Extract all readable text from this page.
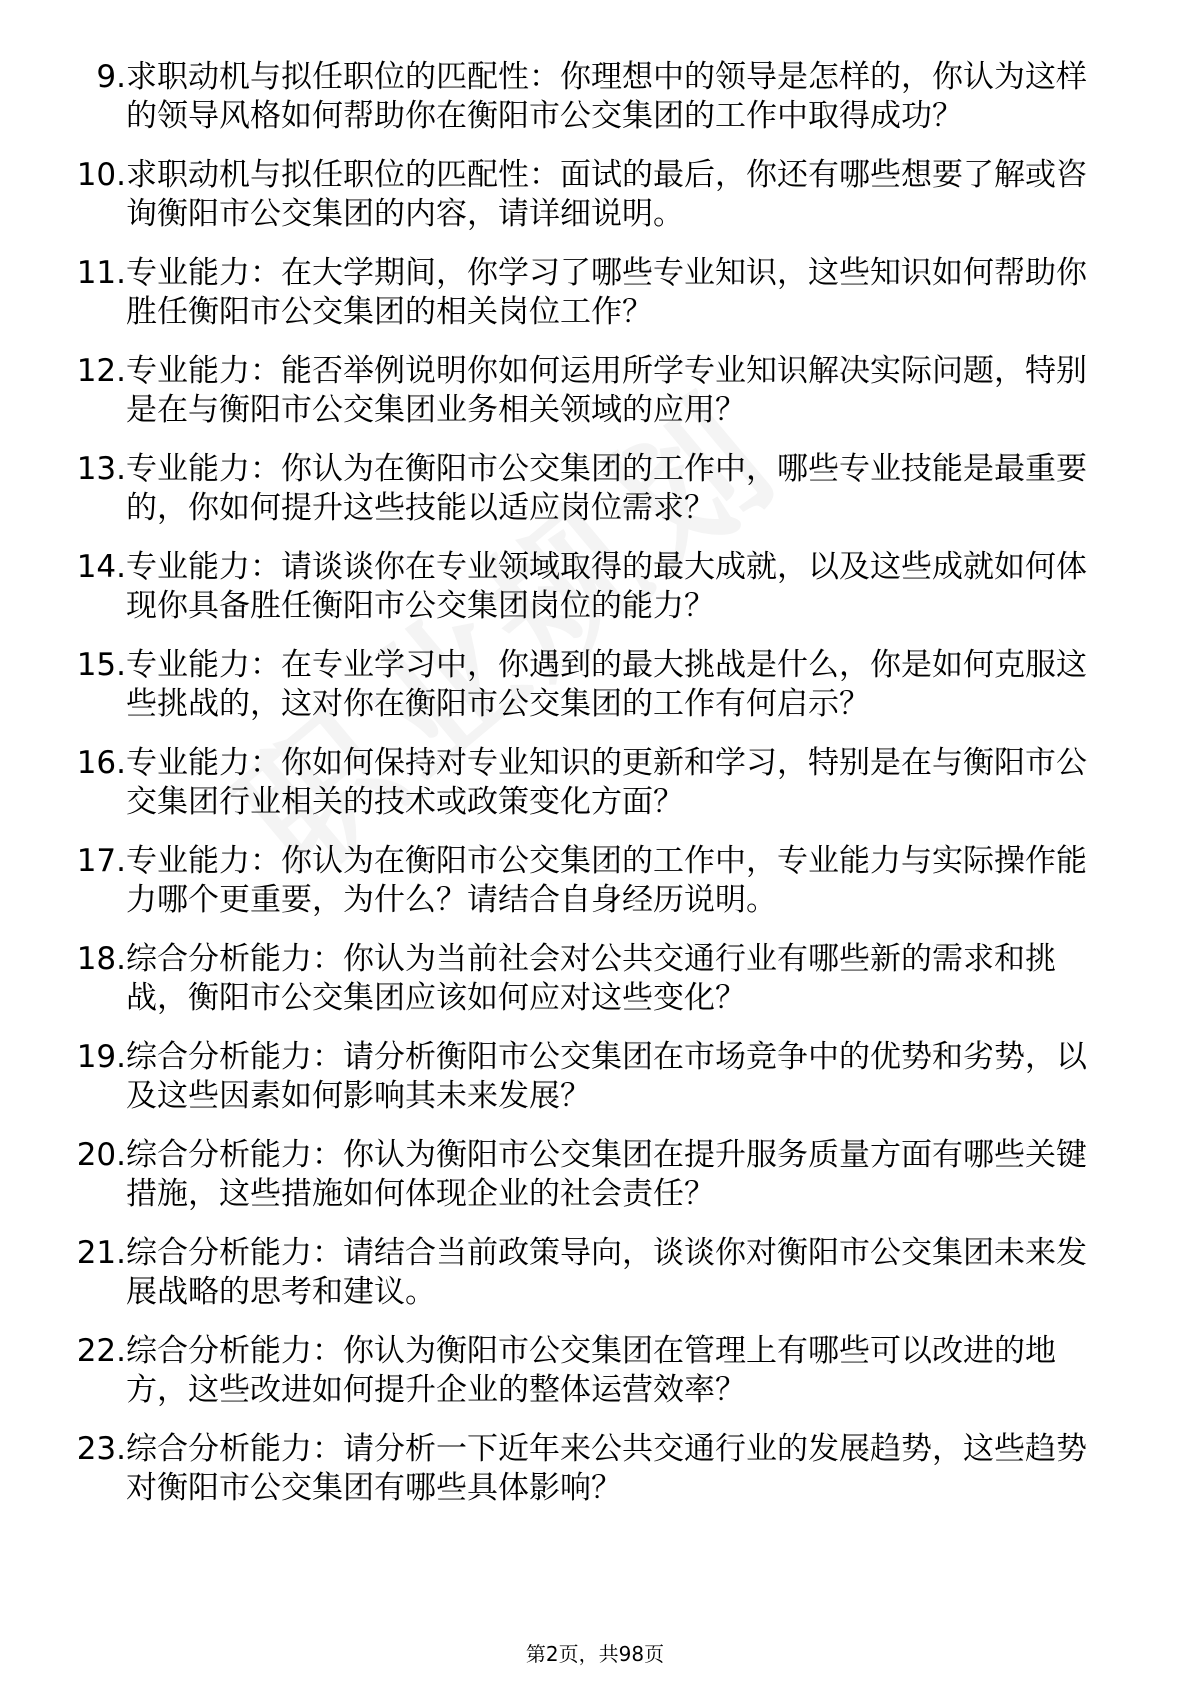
9. 求职动机与拟任职位的匹配性：你理想中的领导是怎样的，你认为这样的领导风格如何帮助你在衡阳市公交集团的工作中取得成功？
10. 求职动机与拟任职位的匹配性：面试的最后，你还有哪些想要了解或咨询衡阳市公交集团的内容，请详细说明。
11. 专业能力：在大学期间，你学习了哪些专业知识，这些知识如何帮助你胜任衡阳市公交集团的相关岗位工作？
12. 专业能力：能否举例说明你如何运用所学专业知识解决实际问题，特别是在与衡阳市公交集团业务相关领域的应用？
13. 专业能力：你认为在衡阳市公交集团的工作中，哪些专业技能是最重要的，你如何提升这些技能以适应岗位需求？
14. 专业能力：请谈谈你在专业领域取得的最大成就，以及这些成就如何体现你具备胜任衡阳市公交集团岗位的能力？
15. 专业能力：在专业学习中，你遇到的最大挑战是什么，你是如何克服这些挑战的，这对你在衡阳市公交集团的工作有何启示？
16. 专业能力：你如何保持对专业知识的更新和学习，特别是在与衡阳市公交集团行业相关的技术或政策变化方面？
17. 专业能力：你认为在衡阳市公交集团的工作中，专业能力与实际操作能力哪个更重要，为什么？请结合自身经历说明。
18. 综合分析能力：你认为当前社会对公共交通行业有哪些新的需求和挑战，衡阳市公交集团应该如何应对这些变化？
19. 综合分析能力：请分析衡阳市公交集团在市场竞争中的优势和劣势，以及这些因素如何影响其未来发展？
20. 综合分析能力：你认为衡阳市公交集团在提升服务质量方面有哪些关键措施，这些措施如何体现企业的社会责任？
21. 综合分析能力：请结合当前政策导向，谈谈你对衡阳市公交集团未来发展战略的思考和建议。
22. 综合分析能力：你认为衡阳市公交集团在管理上有哪些可以改进的地方，这些改进如何提升企业的整体运营效率？
23. 综合分析能力：请分析一下近年来公共交通行业的发展趋势，这些趋势对衡阳市公交集团有哪些具体影响？
第2页，共98页
